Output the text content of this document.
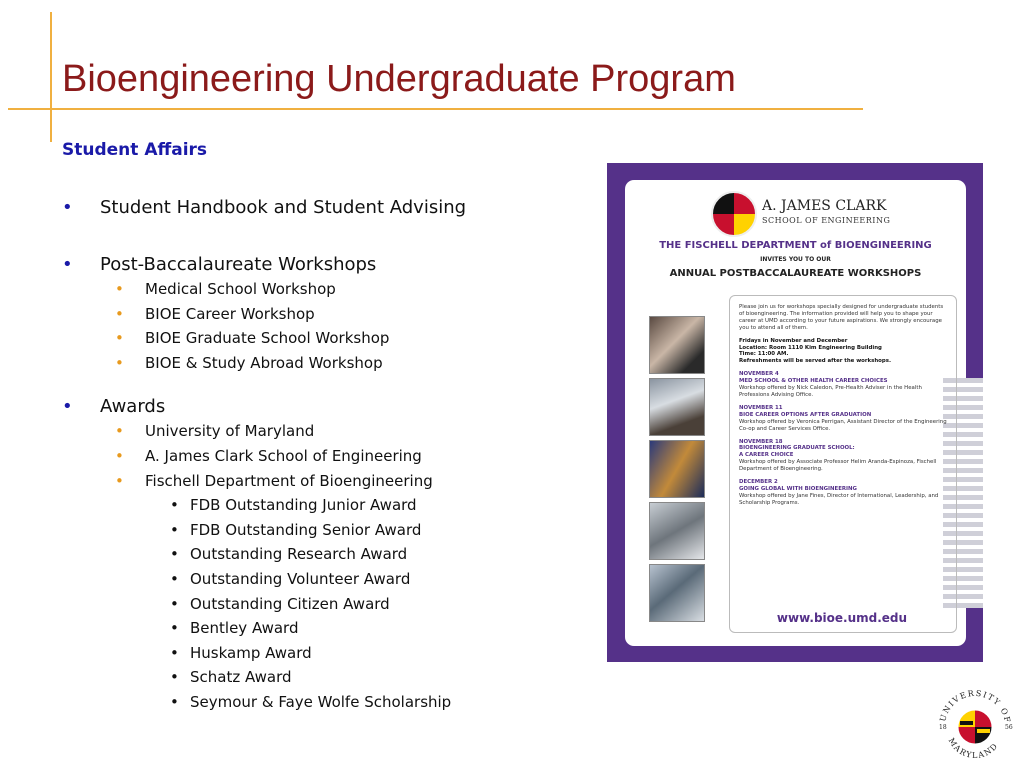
Bioengineering Undergraduate Program
Student Affairs
• Student Handbook and Student Advising
• Post-Baccalaureate Workshops
• Medical School Workshop
• BIOE Career Workshop
• BIOE Graduate School Workshop
• BIOE & Study Abroad Workshop
• Awards
• University of Maryland
• A. James Clark School of Engineering
• Fischell Department of Bioengineering
• FDB Outstanding Junior Award
• FDB Outstanding Senior Award
• Outstanding Research Award
• Outstanding Volunteer Award
• Outstanding Citizen Award
• Bentley Award
• Huskamp Award
• Schatz Award
• Seymour & Faye Wolfe Scholarship
A. JAMES CLARK
SCHOOL OF ENGINEERING
THE FISCHELL DEPARTMENT of BIOENGINEERING
INVITES YOU TO OUR
ANNUAL POSTBACCALAUREATE WORKSHOPS

Please join us for workshops specially designed for undergraduate students of bioengineering. The information provided will help you to shape your career at UMD according to your future aspirations. We strongly encourage you to attend all of them.

Fridays in November and December
Location: Room 1110 Kim Engineering Building
Time: 11:00 AM.
Refreshments will be served after the workshops.

NOVEMBER 4
MED SCHOOL & OTHER HEALTH CAREER CHOICES
Workshop offered by Nick Caledon, Pre-Health Adviser in the Health Professions Advising Office.

NOVEMBER 11
BIOE CAREER OPTIONS AFTER GRADUATION
Workshop offered by Veronica Perrigan, Assistant Director of the Engineering Co-op and Career Services Office.

NOVEMBER 18
BIOENGINEERING GRADUATE SCHOOL:
A CAREER CHOICE
Workshop offered by Associate Professor Helim Aranda-Espinoza, Fischell Department of Bioengineering.

DECEMBER 2
GOING GLOBAL WITH BIOENGINEERING
Workshop offered by Jane Fines, Director of International, Leadership, and Scholarship Programs.

www.bioe.umd.edu
UNIVERSITY OF
MARYLAND
18	56
